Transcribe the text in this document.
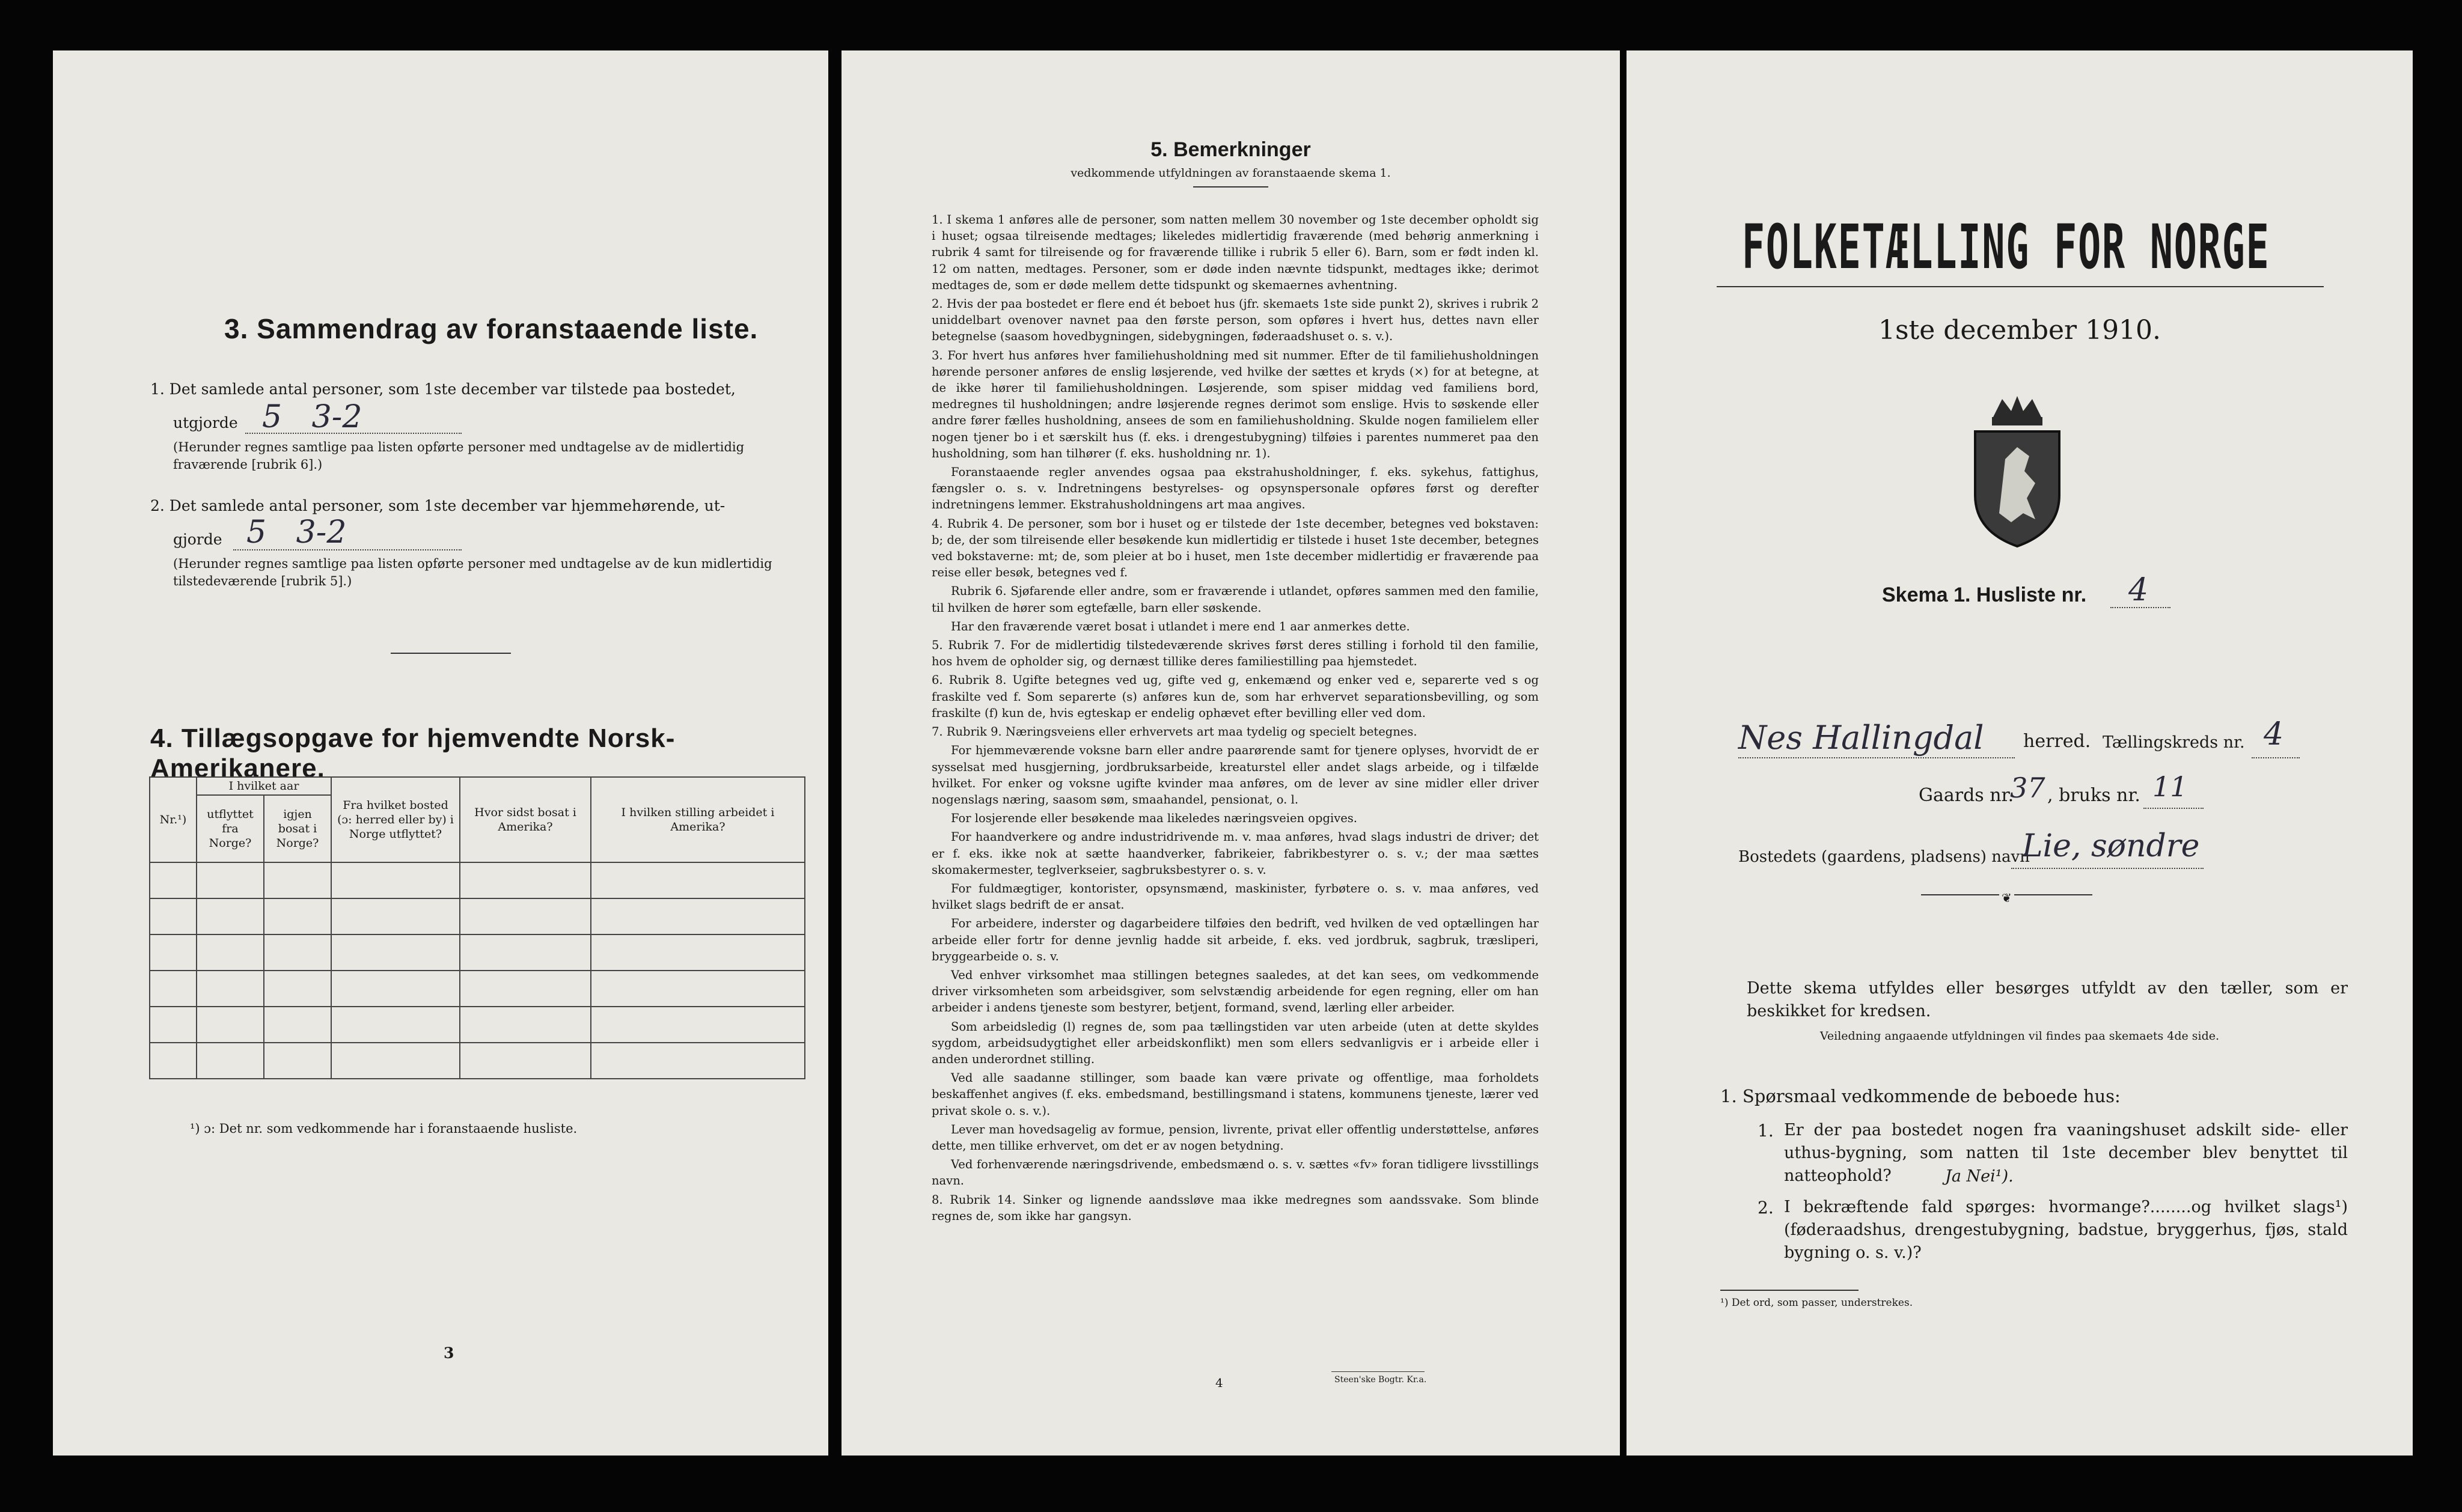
3. Sammendrag av foranstaaende liste.
1. Det samlede antal personer, som 1ste december var tilstede paa bostedet,
utgjorde 5   3-2
(Herunder regnes samtlige paa listen opførte personer med undtagelse av de midlertidig fraværende [rubrik 6].)
2. Det samlede antal personer, som 1ste december var hjemmehørende, ut-
gjorde 5   3-2
(Herunder regnes samtlige paa listen opførte personer med undtagelse av de kun midlertidig tilstedeværende [rubrik 5].)
4. Tillægsopgave for hjemvendte Norsk-Amerikanere.
Nr.¹)	I hvilket aar		Fra hvilket bosted (ɔ: herred eller by) i Norge utflyttet?	Hvor sidst bosat i Amerika?	I hvilken stilling arbeidet i Amerika?
	utflyttet fra Norge?	igjen bosat i Norge?			

¹) ɔ: Det nr. som vedkommende har i foranstaaende husliste.
3
5. Bemerkninger
vedkommende utfyldningen av foranstaaende skema 1.

1. I skema 1 anføres alle de personer, som natten mellem 30 november og 1ste december opholdt sig i huset; ogsaa tilreisende medtages; likeledes midlertidig fraværende (med behørig anmerkning i rubrik 4 samt for tilreisende og for fraværende tillike i rubrik 5 eller 6). Barn, som er født inden kl. 12 om natten, medtages. Personer, som er døde inden nævnte tidspunkt, medtages ikke; derimot medtages de, som er døde mellem dette tidspunkt og skemaernes avhentning.

2. Hvis der paa bostedet er flere end ét beboet hus (jfr. skemaets 1ste side punkt 2), skrives i rubrik 2 uniddelbart ovenover navnet paa den første person, som opføres i hvert hus, dettes navn eller betegnelse (saasom hovedbygningen, sidebygningen, føderaadshuset o. s. v.).

3. For hvert hus anføres hver familiehusholdning med sit nummer. Efter de til familiehusholdningen hørende personer anføres de enslig løsjerende, ved hvilke der sættes et kryds (×) for at betegne, at de ikke hører til familiehusholdningen. Løsjerende, som spiser middag ved familiens bord, medregnes til husholdningen; andre løsjerende regnes derimot som enslige. Hvis to søskende eller andre fører fælles husholdning, ansees de som en familiehusholdning. Skulde nogen familielem eller nogen tjener bo i et særskilt hus (f. eks. i drengestubygning) tilføies i parentes nummeret paa den husholdning, som han tilhører (f. eks. husholdning nr. 1).

Foranstaaende regler anvendes ogsaa paa ekstrahusholdninger, f. eks. sykehus, fattighus, fængsler o. s. v. Indretningens bestyrelses- og opsynspersonale opføres først og derefter indretningens lemmer. Ekstrahusholdningens art maa angives.

4. Rubrik 4. De personer, som bor i huset og er tilstede der 1ste december, betegnes ved bokstaven: b; de, der som tilreisende eller besøkende kun midlertidig er tilstede i huset 1ste december, betegnes ved bokstaverne: mt; de, som pleier at bo i huset, men 1ste december midlertidig er fraværende paa reise eller besøk, betegnes ved f.

Rubrik 6. Sjøfarende eller andre, som er fraværende i utlandet, opføres sammen med den familie, til hvilken de hører som egtefælle, barn eller søskende.

Har den fraværende været bosat i utlandet i mere end 1 aar anmerkes dette.

5. Rubrik 7. For de midlertidig tilstedeværende skrives først deres stilling i forhold til den familie, hos hvem de opholder sig, og dernæst tillike deres familiestilling paa hjemstedet.

6. Rubrik 8. Ugifte betegnes ved ug, gifte ved g, enkemænd og enker ved e, separerte ved s og fraskilte ved f. Som separerte (s) anføres kun de, som har erhvervet separationsbevilling, og som fraskilte (f) kun de, hvis egteskap er endelig ophævet efter bevilling eller ved dom.

7. Rubrik 9. Næringsveiens eller erhvervets art maa tydelig og specielt betegnes.

For hjemmeværende voksne barn eller andre paarørende samt for tjenere oplyses, hvorvidt de er sysselsat med husgjerning, jordbruksarbeide, kreaturstel eller andet slags arbeide, og i tilfælde hvilket. For enker og voksne ugifte kvinder maa anføres, om de lever av sine midler eller driver nogenslags næring, saasom søm, smaahandel, pensionat, o. l.

For losjerende eller besøkende maa likeledes næringsveien opgives.

For haandverkere og andre industridrivende m. v. maa anføres, hvad slags industri de driver; det er f. eks. ikke nok at sætte haandverker, fabrikeier, fabrikbestyrer o. s. v.; der maa sættes skomakermester, teglverkseier, sagbruksbestyrer o. s. v.

For fuldmægtiger, kontorister, opsynsmænd, maskinister, fyrbøtere o. s. v. maa anføres, ved hvilket slags bedrift de er ansat.

For arbeidere, inderster og dagarbeidere tilføies den bedrift, ved hvilken de ved optællingen har arbeide eller fortr for denne jevnlig hadde sit arbeide, f. eks. ved jordbruk, sagbruk, træsliperi, bryggearbeide o. s. v.

Ved enhver virksomhet maa stillingen betegnes saaledes, at det kan sees, om vedkommende driver virksomheten som arbeidsgiver, som selvstændig arbeidende for egen regning, eller om han arbeider i andens tjeneste som bestyrer, betjent, formand, svend, lærling eller arbeider.

Som arbeidsledig (l) regnes de, som paa tællingstiden var uten arbeide (uten at dette skyldes sygdom, arbeidsudygtighet eller arbeidskonflikt) men som ellers sedvanligvis er i arbeide eller i anden underordnet stilling.

Ved alle saadanne stillinger, som baade kan være private og offentlige, maa forholdets beskaffenhet angives (f. eks. embedsmand, bestillingsmand i statens, kommunens tjeneste, lærer ved privat skole o. s. v.).

Lever man hovedsagelig av formue, pension, livrente, privat eller offentlig understøttelse, anføres dette, men tillike erhvervet, om det er av nogen betydning.

Ved forhenværende næringsdrivende, embedsmænd o. s. v. sættes «fv» foran tidligere livsstillings navn.

8. Rubrik 14. Sinker og lignende aandssløve maa ikke medregnes som aandssvake. Som blinde regnes de, som ikke har gangsyn.

4	Steen'ske Bogtr. Kr.a.
FOLKETÆLLING FOR NORGE
1ste december 1910.
Skema 1. Husliste nr. 4
Nes Hallingdal herred. Tællingskreds nr. 4
Gaards nr.
37 , bruks nr. 11
Bostedets (gaardens, pladsens) navn
Lie, søndre
❦
Dette skema utfyldes eller besørges utfyldt av den tæller, som er beskikket for kredsen.
Veiledning angaaende utfyldningen vil findes paa skemaets 4de side.
1. Spørsmaal vedkommende de beboede hus:
1. Er der paa bostedet nogen fra vaaningshuset adskilt side- eller uthus-bygning, som natten til 1ste december blev benyttet til natteophold?	Ja Nei¹).
2. I bekræftende fald spørges: hvormange?........og hvilket slags¹) (føderaadshus, drengestubygning, badstue, bryggerhus, fjøs, stald bygning o. s. v.)?
¹) Det ord, som passer, understrekes.
